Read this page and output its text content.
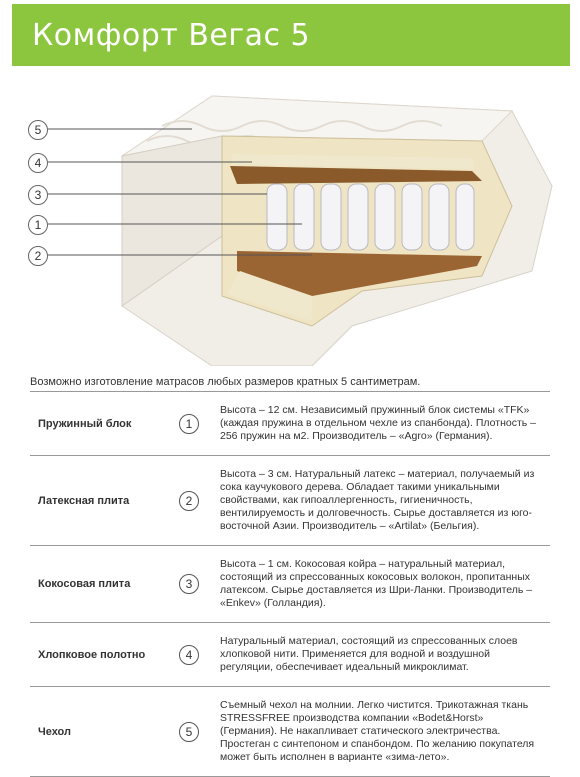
Комфорт Вегас 5
5
4
3
1
2
Возможно изготовление матрасов любых размеров кратных 5 сантиметрам.
Пружинный блок	1
Высота – 12 см. Независимый пружинный блок системы «TFK» (каждая пружина в отдельном чехле из спанбонда). Плотность – 256 пружин на м2. Производитель – «Agro» (Германия).
Латексная плита	2
Высота – 3 см. Натуральный латекс – материал, получаемый из сока каучукового дерева. Обладает такими уникальными свойствами, как гипоаллергенность, гигиеничность, вентилируемость и долговечность. Сырье доставляется из юго-восточной Азии. Производитель – «Artilat» (Бельгия).
Кокосовая плита	3
Высота – 1 см. Кокосовая койра – натуральный материал, состоящий из спрессованных кокосовых волокон, пропитанных латексом. Сырье доставляется из Шри-Ланки. Производитель – «Enkev» (Голландия).
Хлопковое полотно	4
Натуральный материал, состоящий из спрессованных слоев хлопковой нити. Применяется для водной и воздушной регуляции, обеспечивает идеальный микроклимат.
Чехол	5
Съемный чехол на молнии. Легко чистится. Трикотажная ткань STRESSFREE производства компании «Bodet&Horst» (Германия). Не накапливает статического электричества. Простеган с синтепоном и спанбондом. По желанию покупателя может быть исполнен в варианте «зима-лето».
